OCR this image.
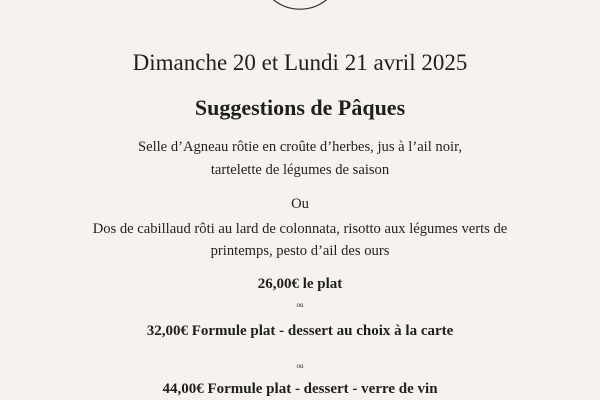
Dimanche 20 et Lundi 21 avril 2025
Suggestions de Pâques
Selle d’Agneau rôtie en croûte d’herbes, jus à l’ail noir,
tartelette de légumes de saison
Ou
Dos de cabillaud rôti au lard de colonnata, risotto aux légumes verts de
printemps, pesto d’ail des ours
26,00€ le plat
ou
32,00€ Formule plat - dessert au choix à la carte
ou
44,00€ Formule plat - dessert - verre de vin
